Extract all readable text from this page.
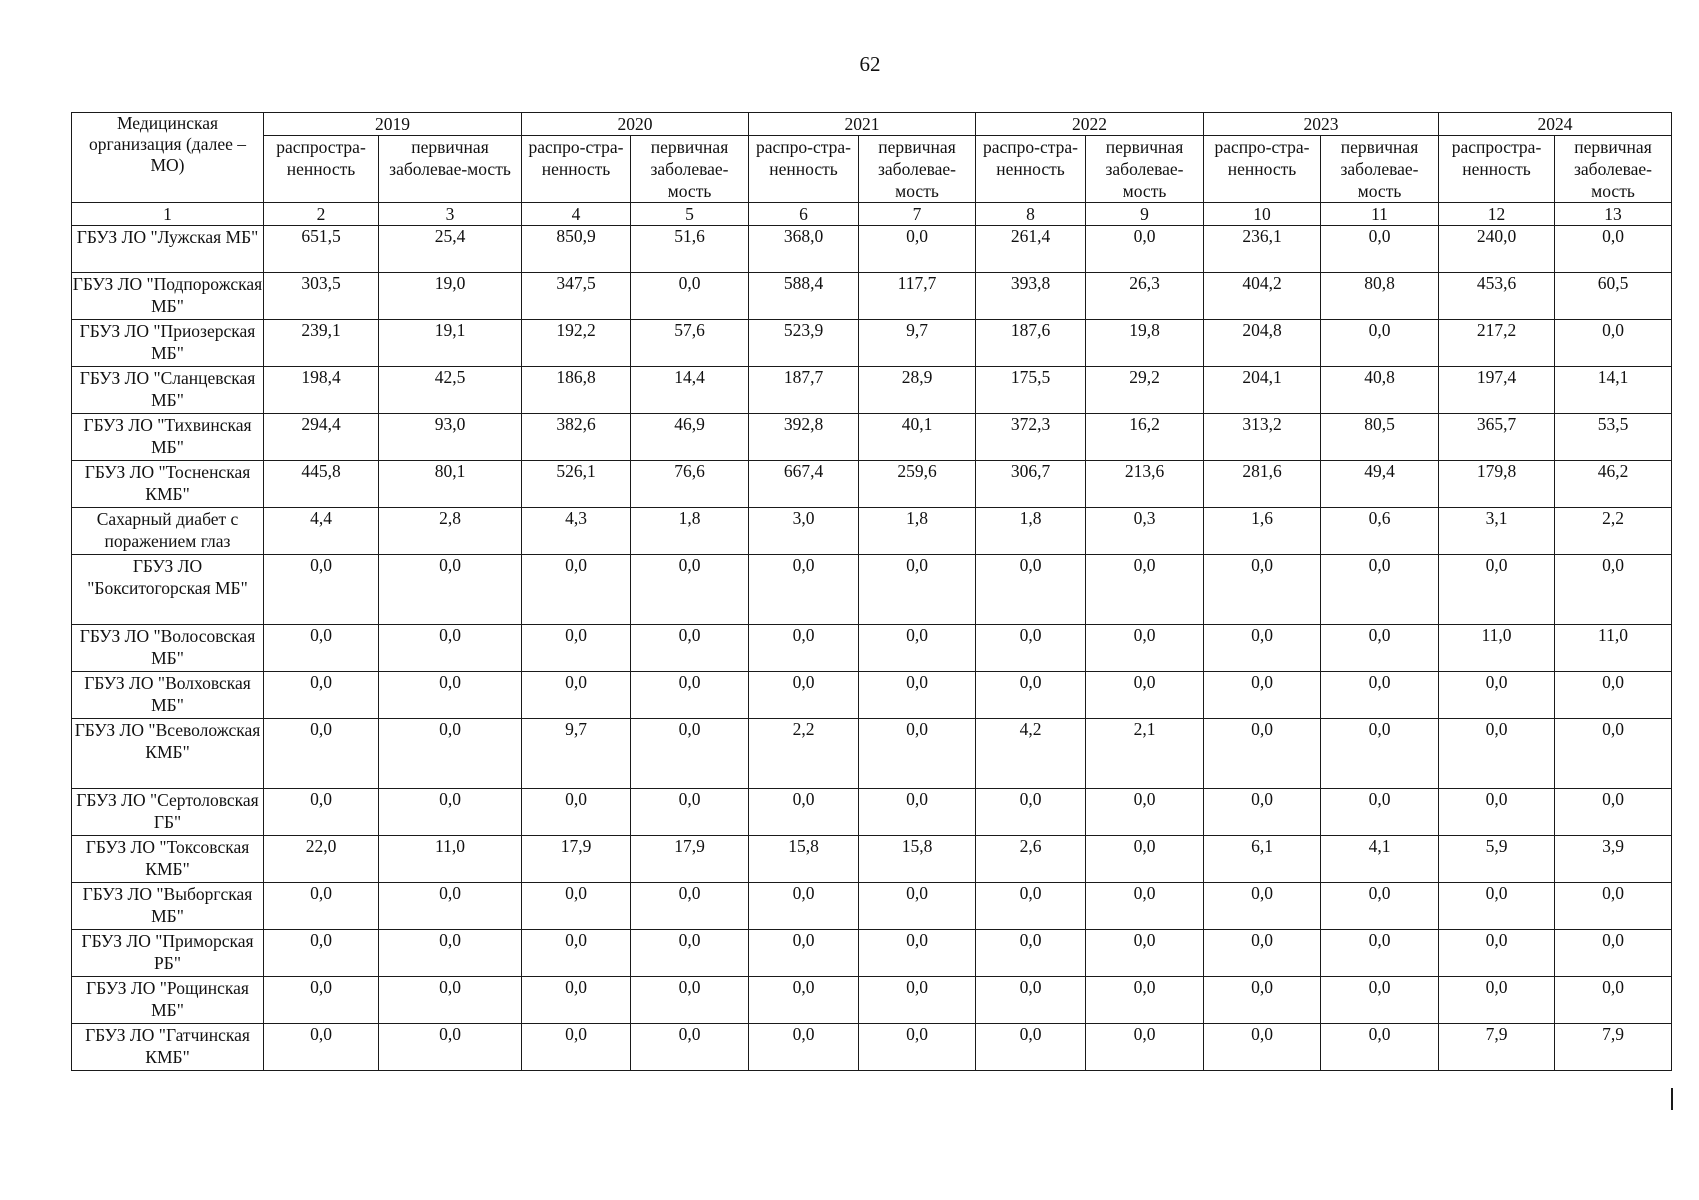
62
Медицинская организация (далее – МО)	2019		2020		2021		2022		2023		2024	
	распростра-ненность	первичная заболевае-мость	распро-стра-ненность	первичная заболевае-мость	распро-стра-ненность	первичная заболевае-мость	распро-стра-ненность	первичная заболевае-мость	распро-стра-ненность	первичная заболевае-мость	распростра-ненность	первичная заболевае-мость
1	2	3	4	5	6	7	8	9	10	11	12	13
ГБУЗ ЛО "Лужская МБ"	651,5	25,4	850,9	51,6	368,0	0,0	261,4	0,0	236,1	0,0	240,0	0,0
ГБУЗ ЛО "Подпорожская МБ"	303,5	19,0	347,5	0,0	588,4	117,7	393,8	26,3	404,2	80,8	453,6	60,5
ГБУЗ ЛО "Приозерская МБ"	239,1	19,1	192,2	57,6	523,9	9,7	187,6	19,8	204,8	0,0	217,2	0,0
ГБУЗ ЛО "Сланцевская МБ"	198,4	42,5	186,8	14,4	187,7	28,9	175,5	29,2	204,1	40,8	197,4	14,1
ГБУЗ ЛО "Тихвинская МБ"	294,4	93,0	382,6	46,9	392,8	40,1	372,3	16,2	313,2	80,5	365,7	53,5
ГБУЗ ЛО "Тосненская КМБ"	445,8	80,1	526,1	76,6	667,4	259,6	306,7	213,6	281,6	49,4	179,8	46,2
Сахарный диабет с поражением глаз	4,4	2,8	4,3	1,8	3,0	1,8	1,8	0,3	1,6	0,6	3,1	2,2
ГБУЗ ЛО "Бокситогорская МБ"	0,0	0,0	0,0	0,0	0,0	0,0	0,0	0,0	0,0	0,0	0,0	0,0
ГБУЗ ЛО "Волосовская МБ"	0,0	0,0	0,0	0,0	0,0	0,0	0,0	0,0	0,0	0,0	11,0	11,0
ГБУЗ ЛО "Волховская МБ"	0,0	0,0	0,0	0,0	0,0	0,0	0,0	0,0	0,0	0,0	0,0	0,0
ГБУЗ ЛО "Всеволожская КМБ"	0,0	0,0	9,7	0,0	2,2	0,0	4,2	2,1	0,0	0,0	0,0	0,0
ГБУЗ ЛО "Сертоловская ГБ"	0,0	0,0	0,0	0,0	0,0	0,0	0,0	0,0	0,0	0,0	0,0	0,0
ГБУЗ ЛО "Токсовская КМБ"	22,0	11,0	17,9	17,9	15,8	15,8	2,6	0,0	6,1	4,1	5,9	3,9
ГБУЗ ЛО "Выборгская МБ"	0,0	0,0	0,0	0,0	0,0	0,0	0,0	0,0	0,0	0,0	0,0	0,0
ГБУЗ ЛО "Приморская РБ"	0,0	0,0	0,0	0,0	0,0	0,0	0,0	0,0	0,0	0,0	0,0	0,0
ГБУЗ ЛО "Рощинская МБ"	0,0	0,0	0,0	0,0	0,0	0,0	0,0	0,0	0,0	0,0	0,0	0,0
ГБУЗ ЛО "Гатчинская КМБ"	0,0	0,0	0,0	0,0	0,0	0,0	0,0	0,0	0,0	0,0	7,9	7,9
